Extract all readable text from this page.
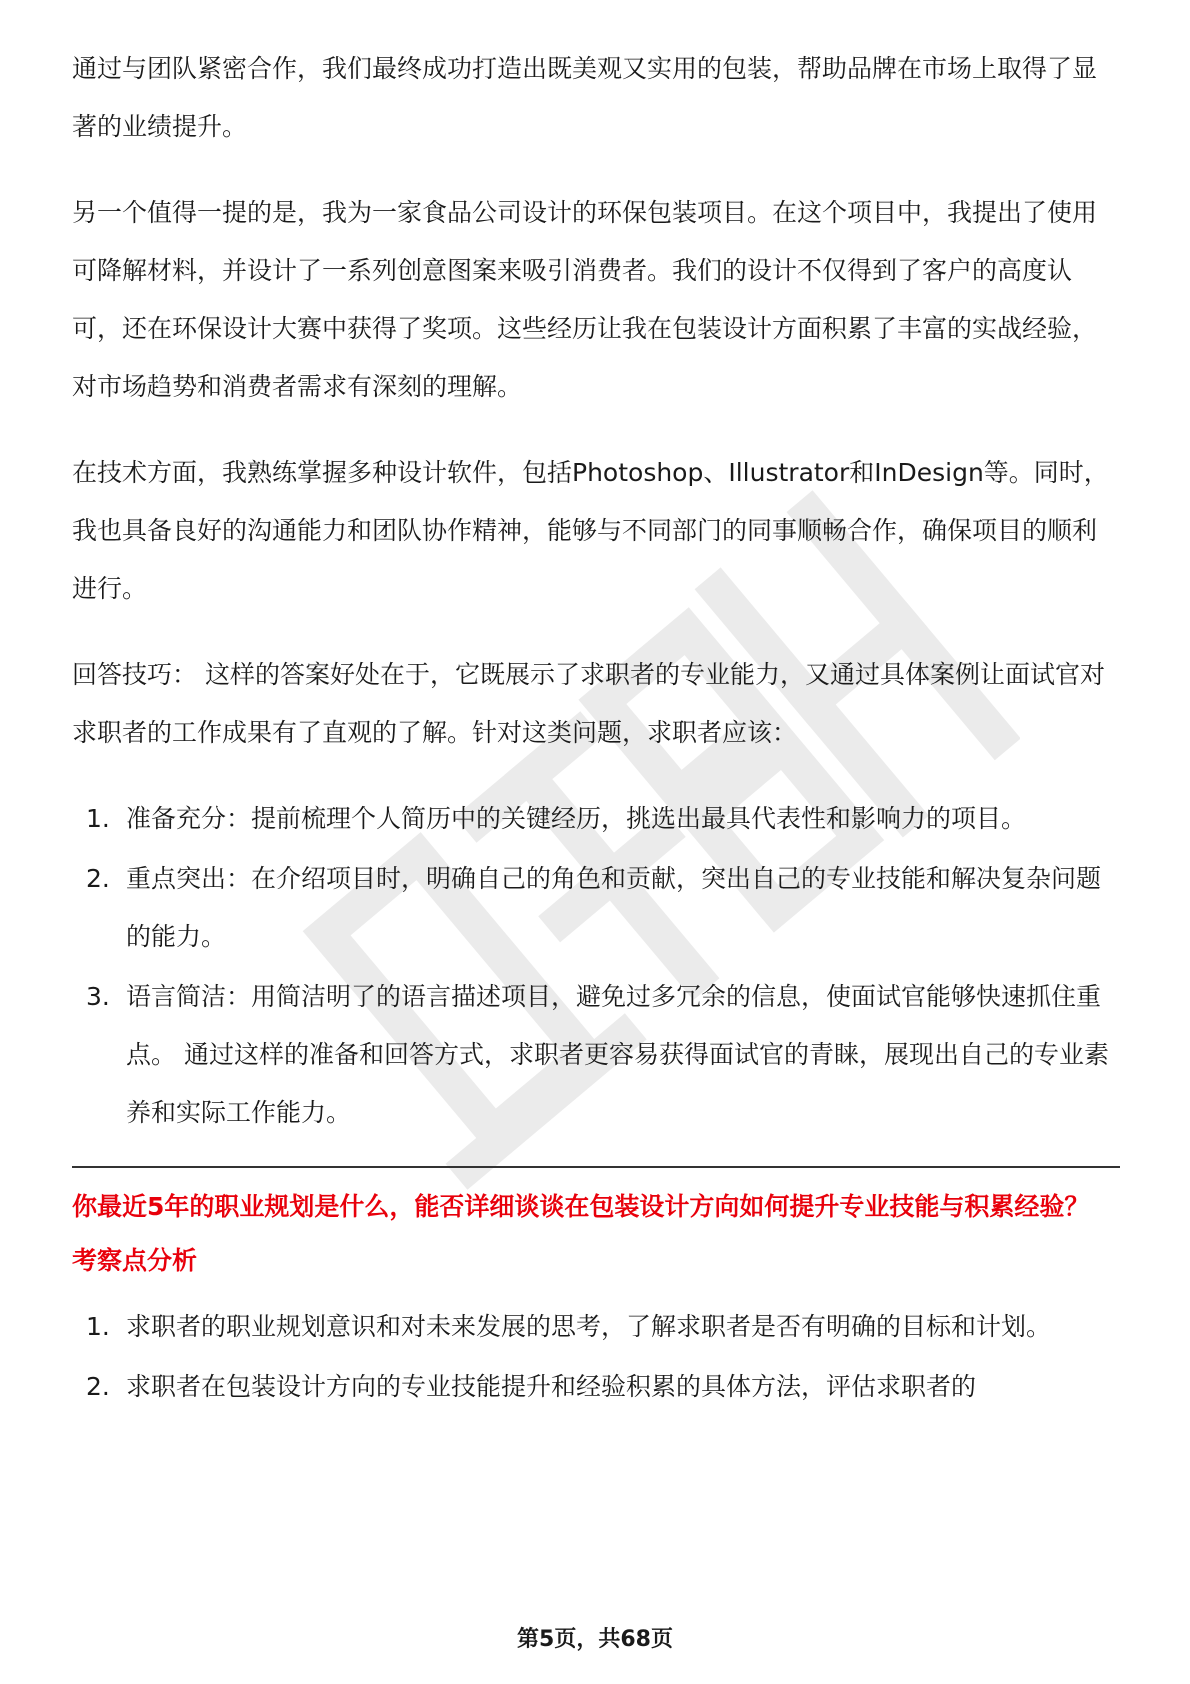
通过与团队紧密合作，我们最终成功打造出既美观又实用的包装，帮助品牌在市场上取得了显著的业绩提升。

另一个值得一提的是，我为一家食品公司设计的环保包装项目。在这个项目中，我提出了使用可降解材料，并设计了一系列创意图案来吸引消费者。我们的设计不仅得到了客户的高度认可，还在环保设计大赛中获得了奖项。这些经历让我在包装设计方面积累了丰富的实战经验，对市场趋势和消费者需求有深刻的理解。

在技术方面，我熟练掌握多种设计软件，包括Photoshop、Illustrator和InDesign等。同时，我也具备良好的沟通能力和团队协作精神，能够与不同部门的同事顺畅合作，确保项目的顺利进行。

回答技巧： 这样的答案好处在于，它既展示了求职者的专业能力，又通过具体案例让面试官对求职者的工作成果有了直观的了解。针对这类问题，求职者应该：

1. 准备充分：提前梳理个人简历中的关键经历，挑选出最具代表性和影响力的项目。
2. 重点突出：在介绍项目时，明确自己的角色和贡献，突出自己的专业技能和解决复杂问题的能力。
3. 语言简洁：用简洁明了的语言描述项目，避免过多冗余的信息，使面试官能够快速抓住重点。 通过这样的准备和回答方式，求职者更容易获得面试官的青睐，展现出自己的专业素养和实际工作能力。
你最近5年的职业规划是什么，能否详细谈谈在包装设计方向如何提升专业技能与积累经验？
考察点分析
1. 求职者的职业规划意识和对未来发展的思考，了解求职者是否有明确的目标和计划。
2. 求职者在包装设计方向的专业技能提升和经验积累的具体方法，评估求职者的
第5页，共68页
